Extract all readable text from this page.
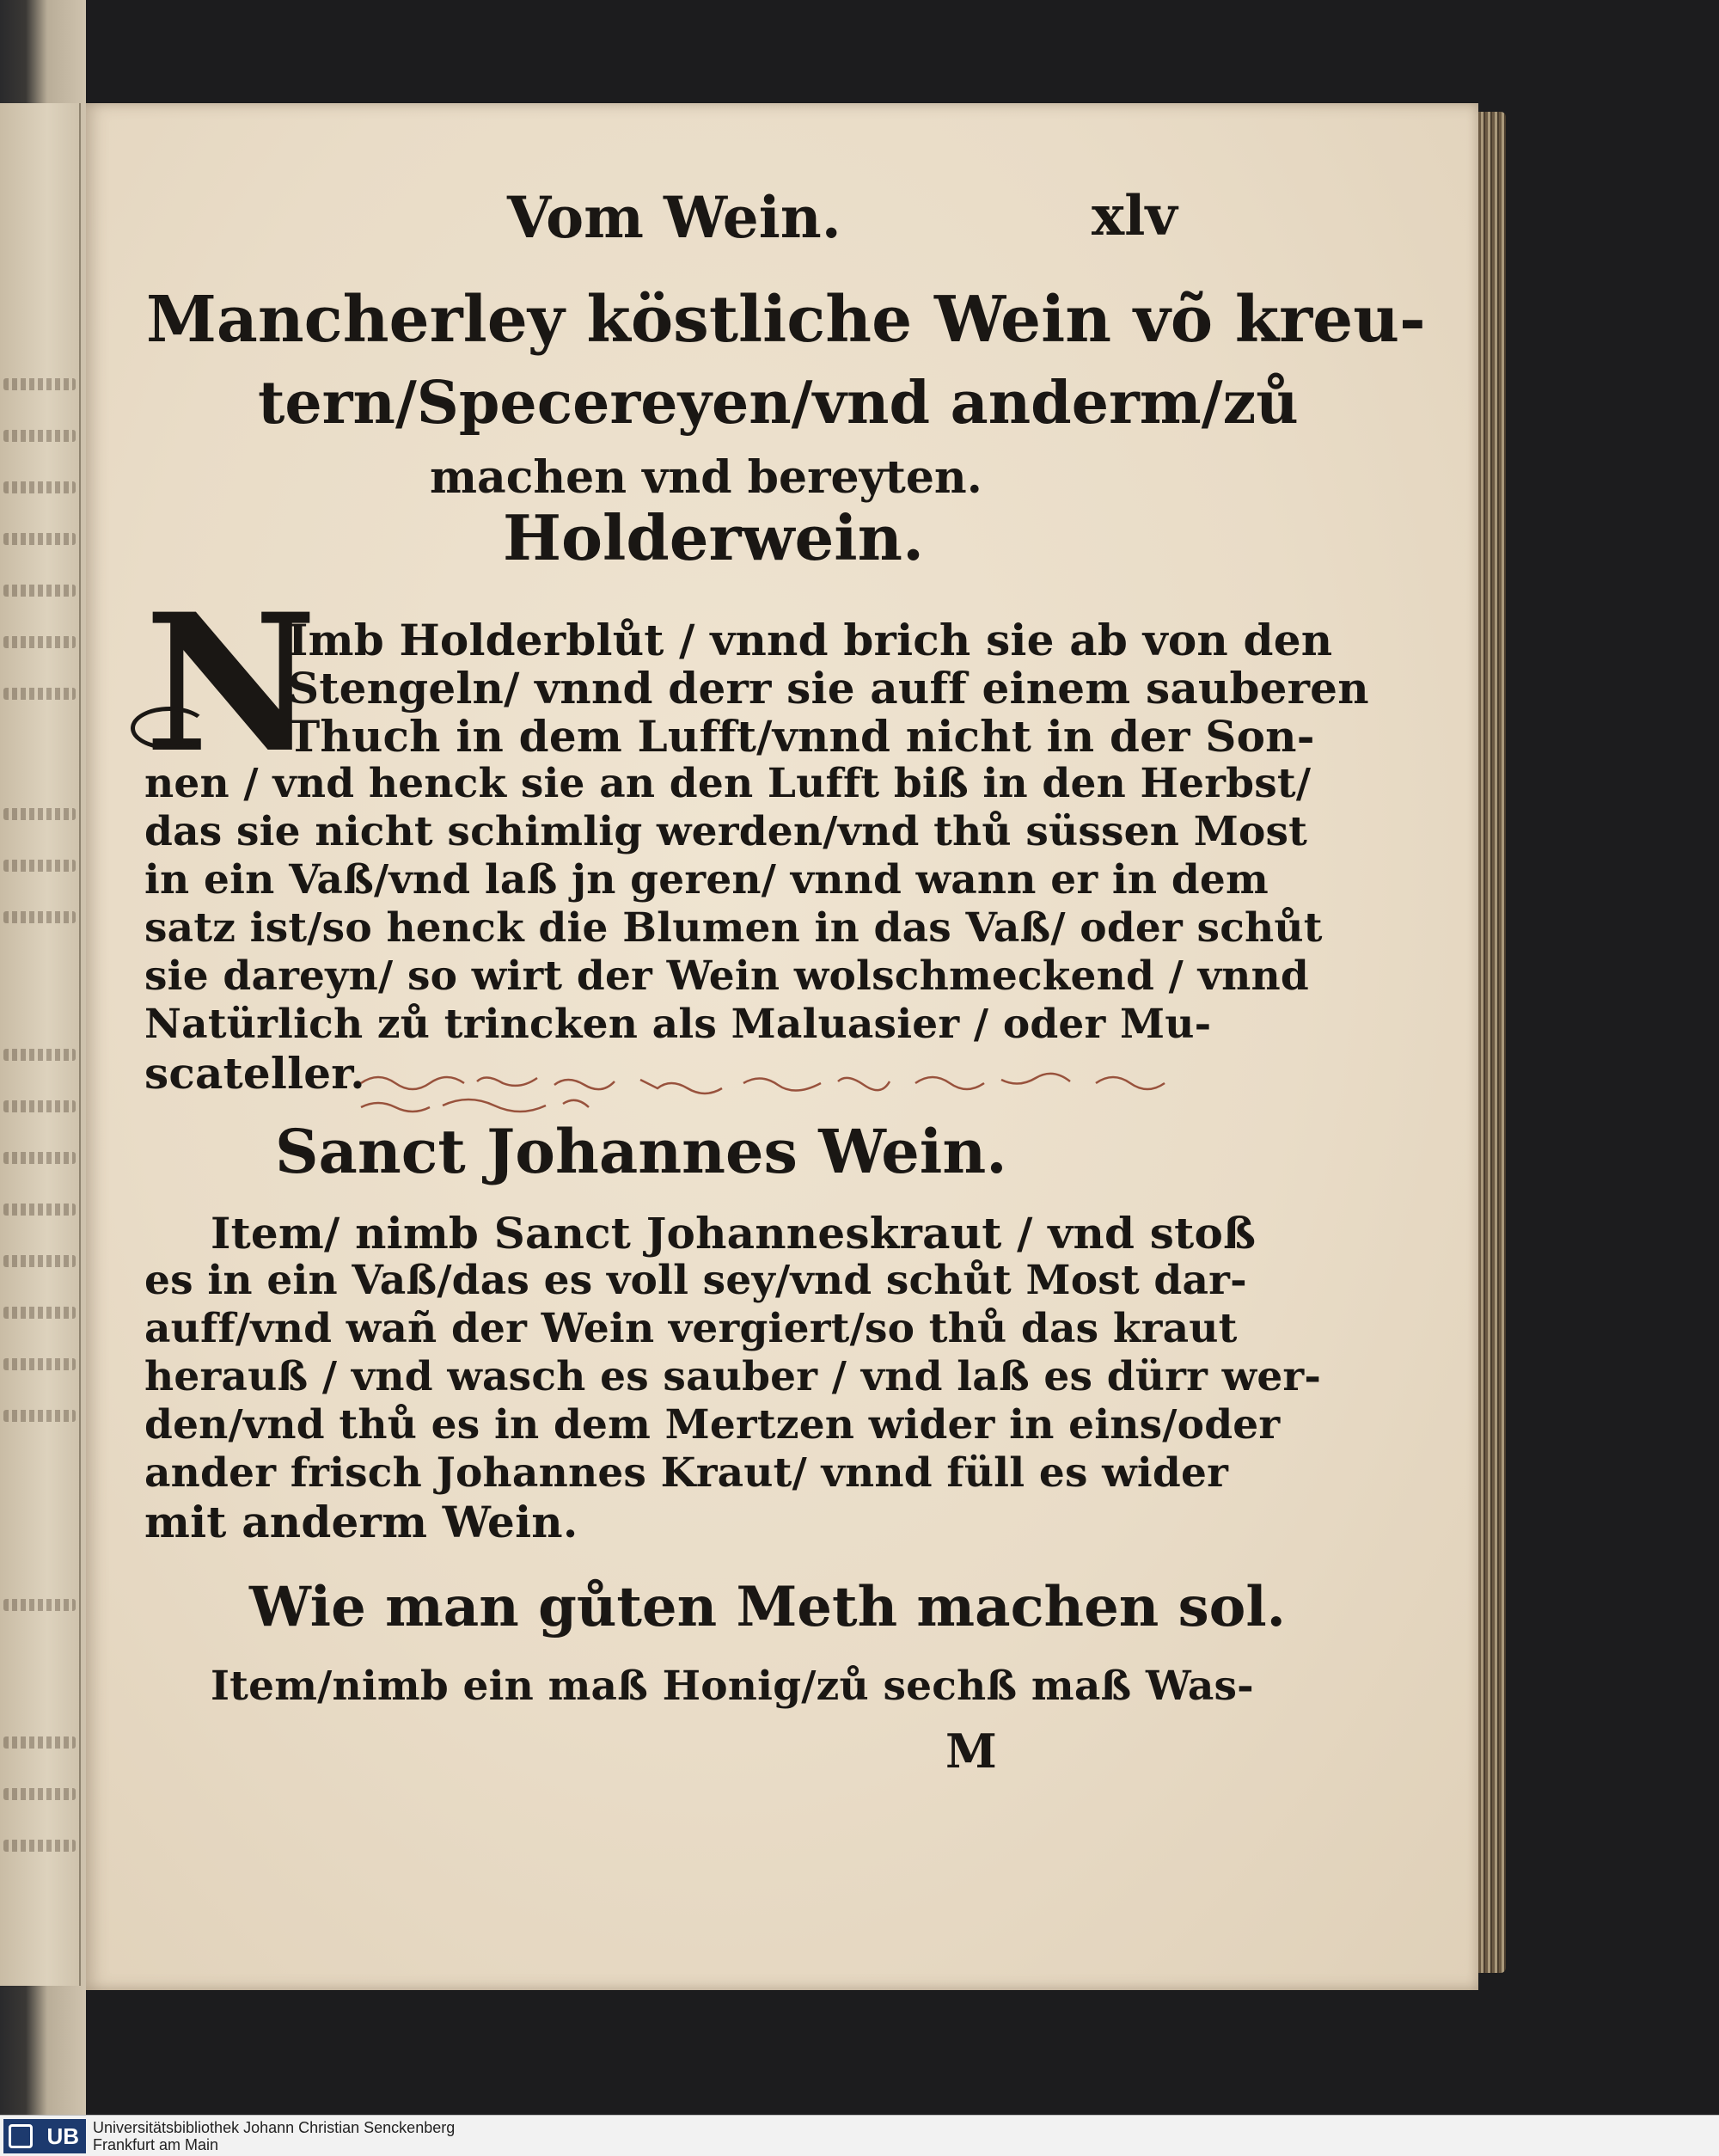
Vom Wein.	xlv
Mancherley köstliche Wein võ kreu-
tern/Specereyen/vnd anderm/zů
machen vnd bereyten.
Holderwein.
N
Imb Holderblůt / vnnd brich sie ab von den
Stengeln/ vnnd derr sie auff einem sauberen
Thuch in dem Lufft/vnnd nicht in der Son-
nen / vnd henck sie an den Lufft biß in den Herbst/
das sie nicht schimlig werden/vnd thů süssen Most
in ein Vaß/vnd laß jn geren/ vnnd wann er in dem
satz ist/so henck die Blumen in das Vaß/ oder schůt
sie dareyn/ so wirt der Wein wolschmeckend / vnnd
Natürlich zů trincken als Maluasier / oder Mu-
scateller.
Sanct Johannes Wein.
Item/ nimb Sanct Johanneskraut / vnd stoß
es in ein Vaß/das es voll sey/vnd schůt Most dar-
auff/vnd wañ der Wein vergiert/so thů das kraut
herauß / vnd wasch es sauber / vnd laß es dürr wer-
den/vnd thů es in dem Mertzen wider in eins/oder
ander frisch Johannes Kraut/ vnnd füll es wider
mit anderm Wein.
Wie man gůten Meth machen sol.
Item/nimb ein maß Honig/zů sechß maß Was-
M
UB Universitätsbibliothek Johann Christian Senckenberg
Frankfurt am Main
